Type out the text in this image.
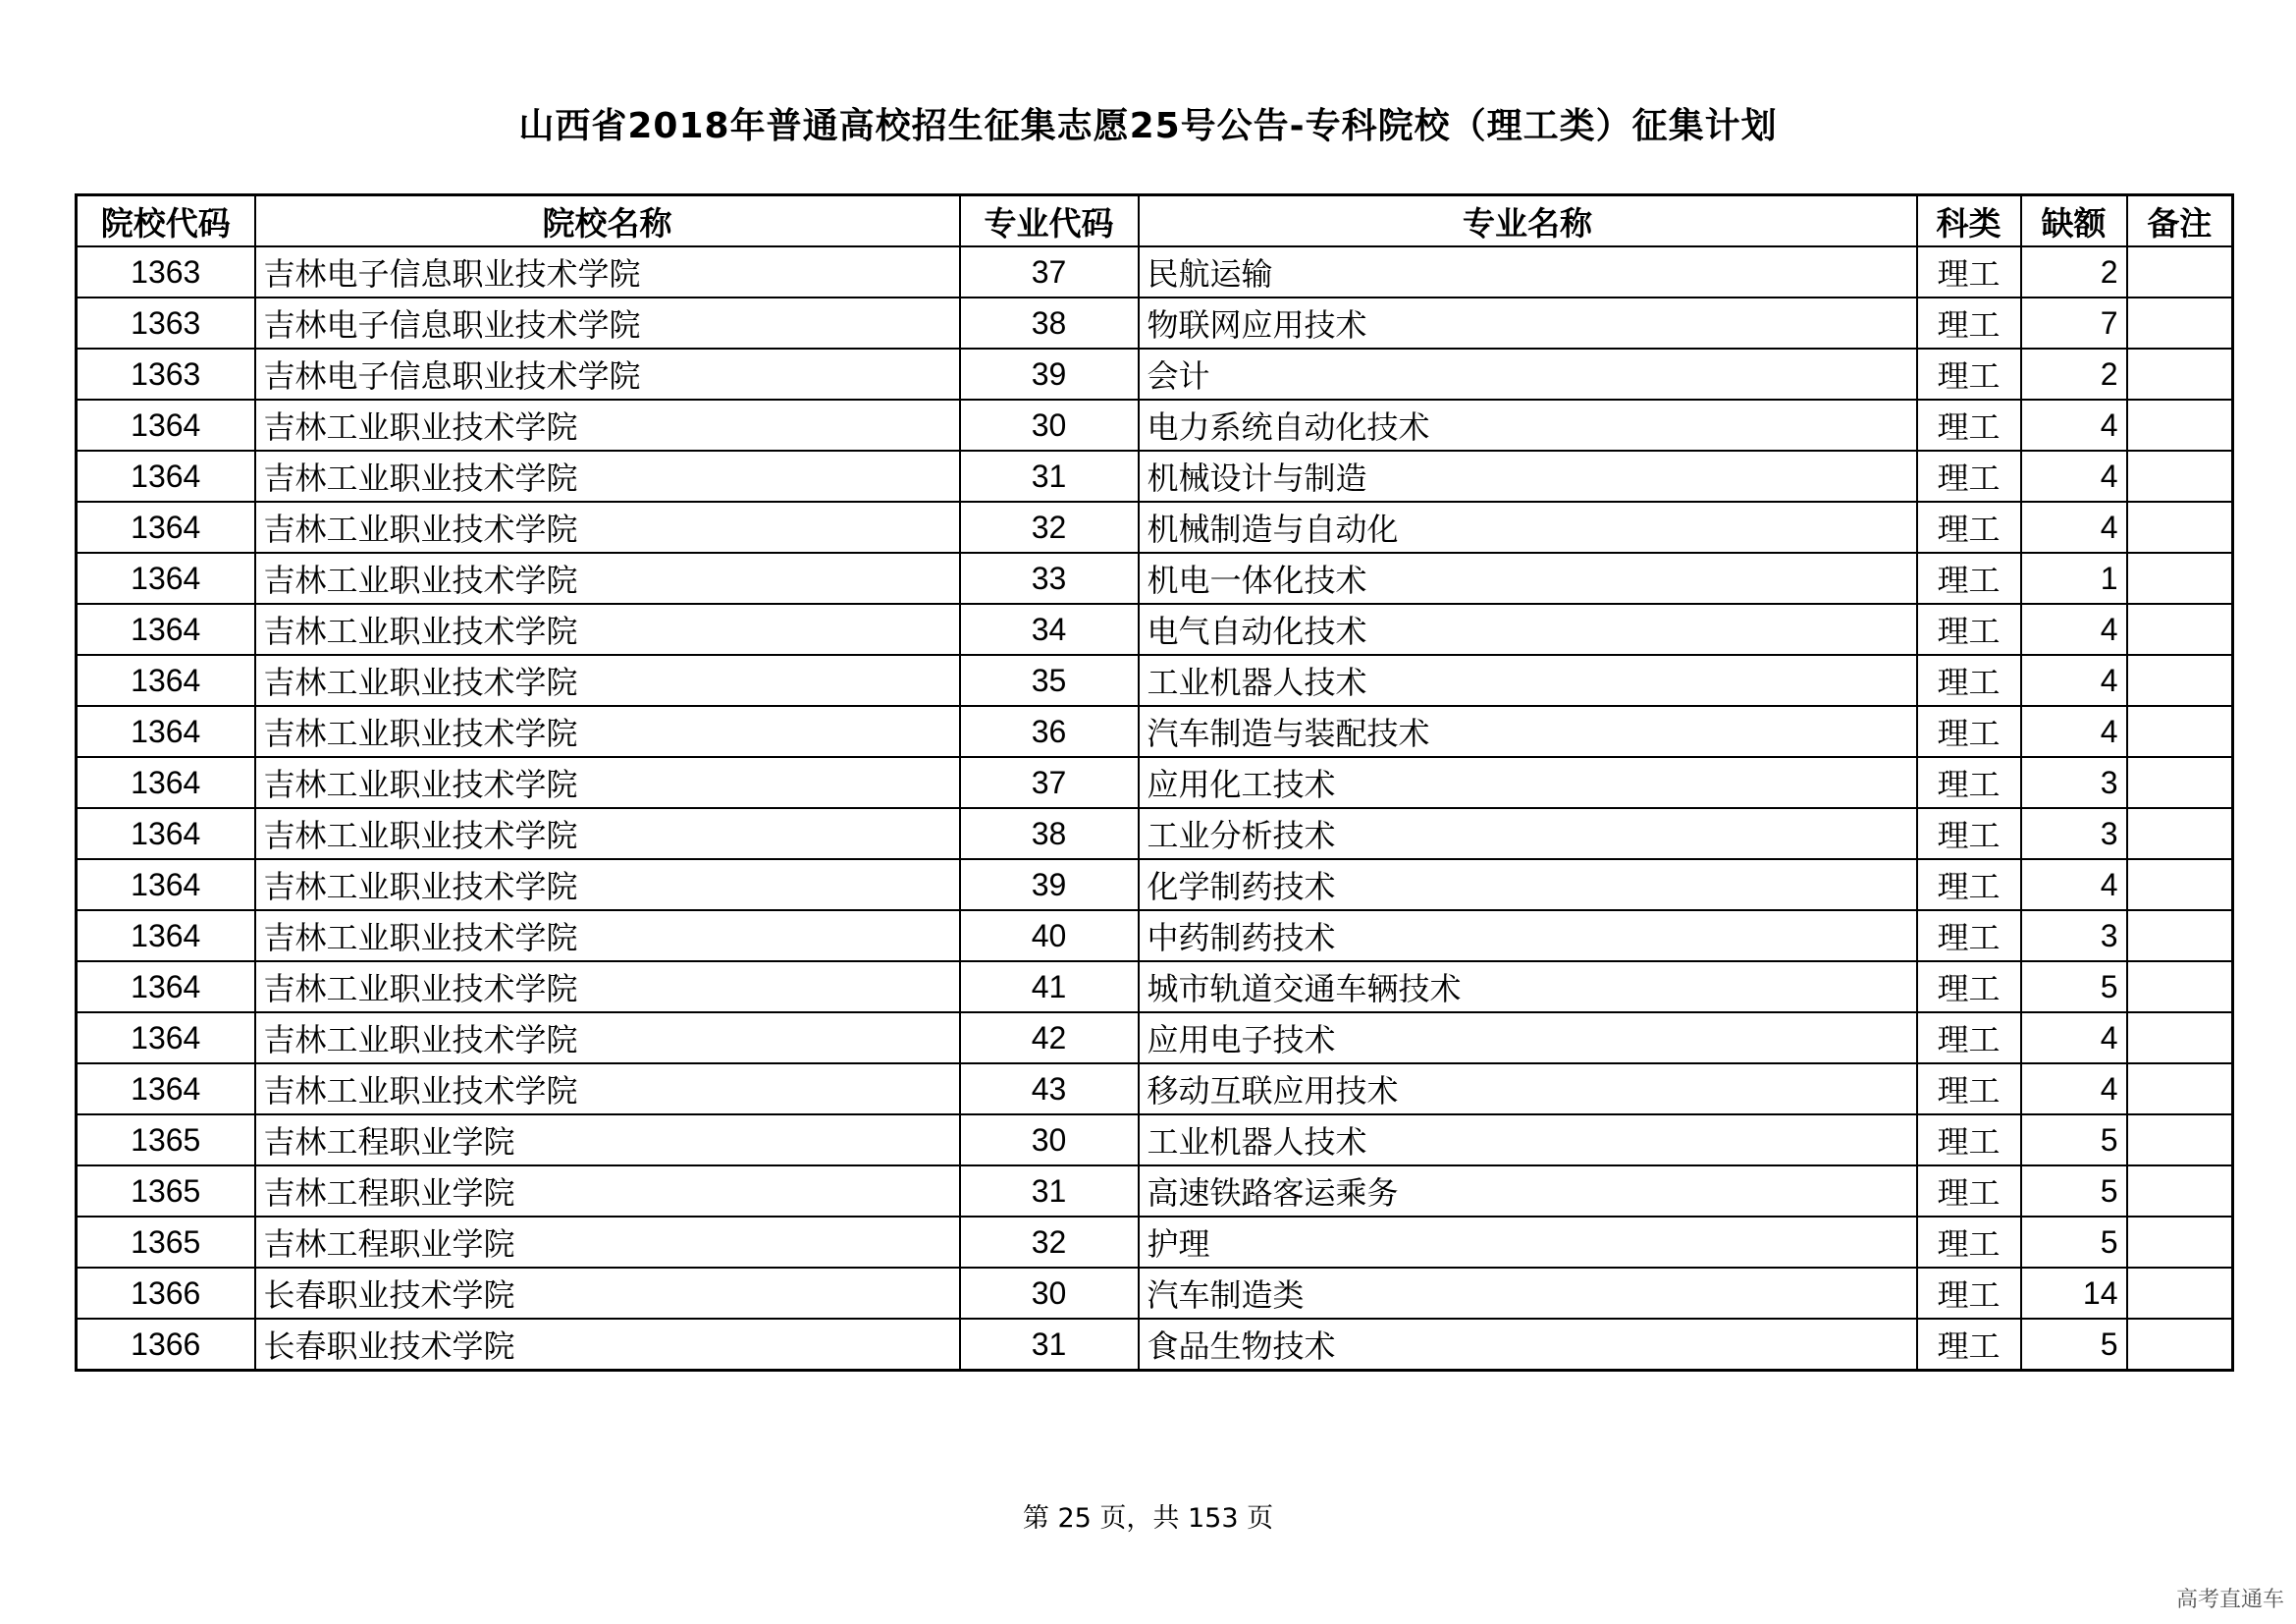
山西省2018年普通高校招生征集志愿25号公告-专科院校（理工类）征集计划
院校代码	院校名称	专业代码	专业名称	科类	缺额	备注
1363	吉林电子信息职业技术学院	37	民航运输	理工	2	
1363	吉林电子信息职业技术学院	38	物联网应用技术	理工	7	
1363	吉林电子信息职业技术学院	39	会计	理工	2	
1364	吉林工业职业技术学院	30	电力系统自动化技术	理工	4	
1364	吉林工业职业技术学院	31	机械设计与制造	理工	4	
1364	吉林工业职业技术学院	32	机械制造与自动化	理工	4	
1364	吉林工业职业技术学院	33	机电一体化技术	理工	1	
1364	吉林工业职业技术学院	34	电气自动化技术	理工	4	
1364	吉林工业职业技术学院	35	工业机器人技术	理工	4	
1364	吉林工业职业技术学院	36	汽车制造与装配技术	理工	4	
1364	吉林工业职业技术学院	37	应用化工技术	理工	3	
1364	吉林工业职业技术学院	38	工业分析技术	理工	3	
1364	吉林工业职业技术学院	39	化学制药技术	理工	4	
1364	吉林工业职业技术学院	40	中药制药技术	理工	3	
1364	吉林工业职业技术学院	41	城市轨道交通车辆技术	理工	5	
1364	吉林工业职业技术学院	42	应用电子技术	理工	4	
1364	吉林工业职业技术学院	43	移动互联应用技术	理工	4	
1365	吉林工程职业学院	30	工业机器人技术	理工	5	
1365	吉林工程职业学院	31	高速铁路客运乘务	理工	5	
1365	吉林工程职业学院	32	护理	理工	5	
1366	长春职业技术学院	30	汽车制造类	理工	14	
1366	长春职业技术学院	31	食品生物技术	理工	5	
第 25 页，共 153 页
高考直通车
